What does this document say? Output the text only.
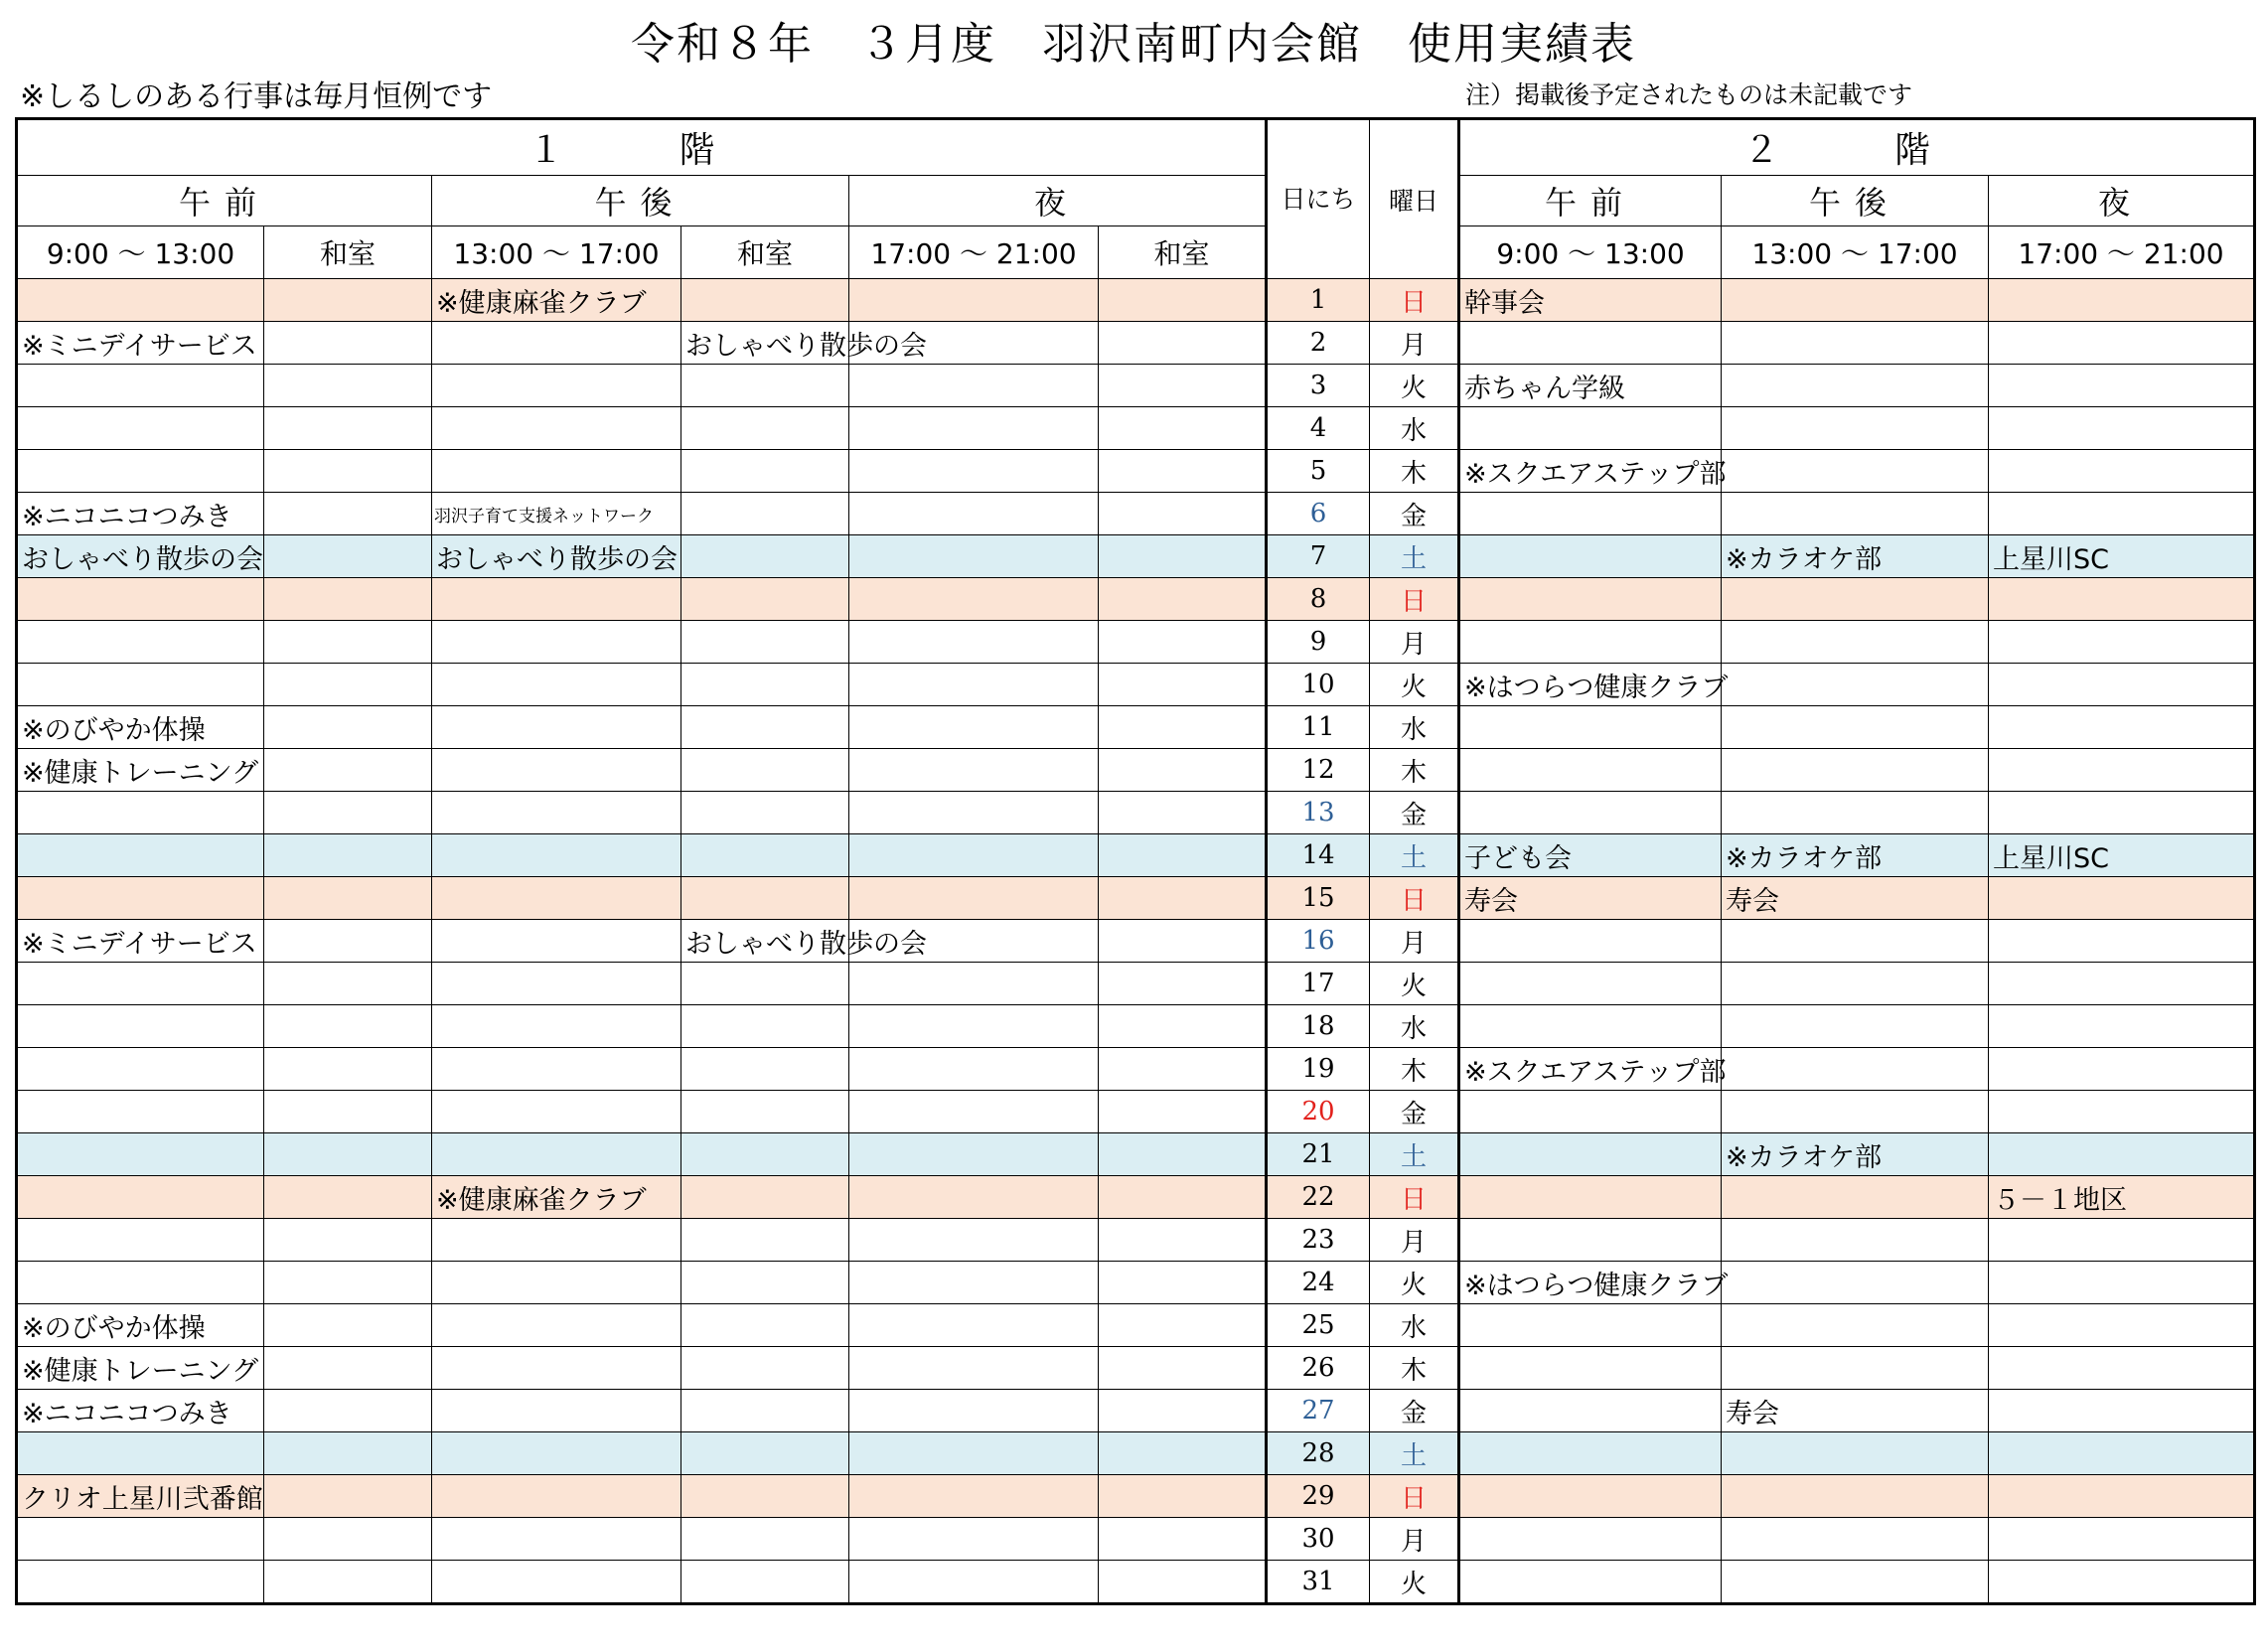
令和８年　３月度　羽沢南町内会館　使用実績表
※しるしのある行事は毎月恒例です	注）掲載後予定されたものは未記載です
１　階						日にち	曜日	２　階		
午前		午後		夜				午前	午後	夜
9:00 ～ 13:00	和室	13:00 ～ 17:00	和室	17:00 ～ 21:00	和室			9:00 ～ 13:00	13:00 ～ 17:00	17:00 ～ 21:00
		※健康麻雀クラブ				1	日	幹事会		
※ミニデイサービス			おしゃべり散歩の会			2	月			
						3	火	赤ちゃん学級		
						4	水			
						5	木	※スクエアステップ部		
※ニコニコつみき		羽沢子育て支援ネットワーク				6	金			
おしゃべり散歩の会		おしゃべり散歩の会				7	土		※カラオケ部	上星川SC
						8	日			
						9	月			
						10	火	※はつらつ健康クラブ		
※のびやか体操						11	水			
※健康トレーニング						12	木			
						13	金			
						14	土	子ども会	※カラオケ部	上星川SC
						15	日	寿会	寿会	
※ミニデイサービス			おしゃべり散歩の会			16	月			
						17	火			
						18	水			
						19	木	※スクエアステップ部		
						20	金			
						21	土		※カラオケ部	
		※健康麻雀クラブ				22	日			５－１地区
						23	月			
						24	火	※はつらつ健康クラブ		
※のびやか体操						25	水			
※健康トレーニング						26	木			
※ニコニコつみき						27	金		寿会	
						28	土			
クリオ上星川弐番館						29	日			
						30	月			
						31	火			
